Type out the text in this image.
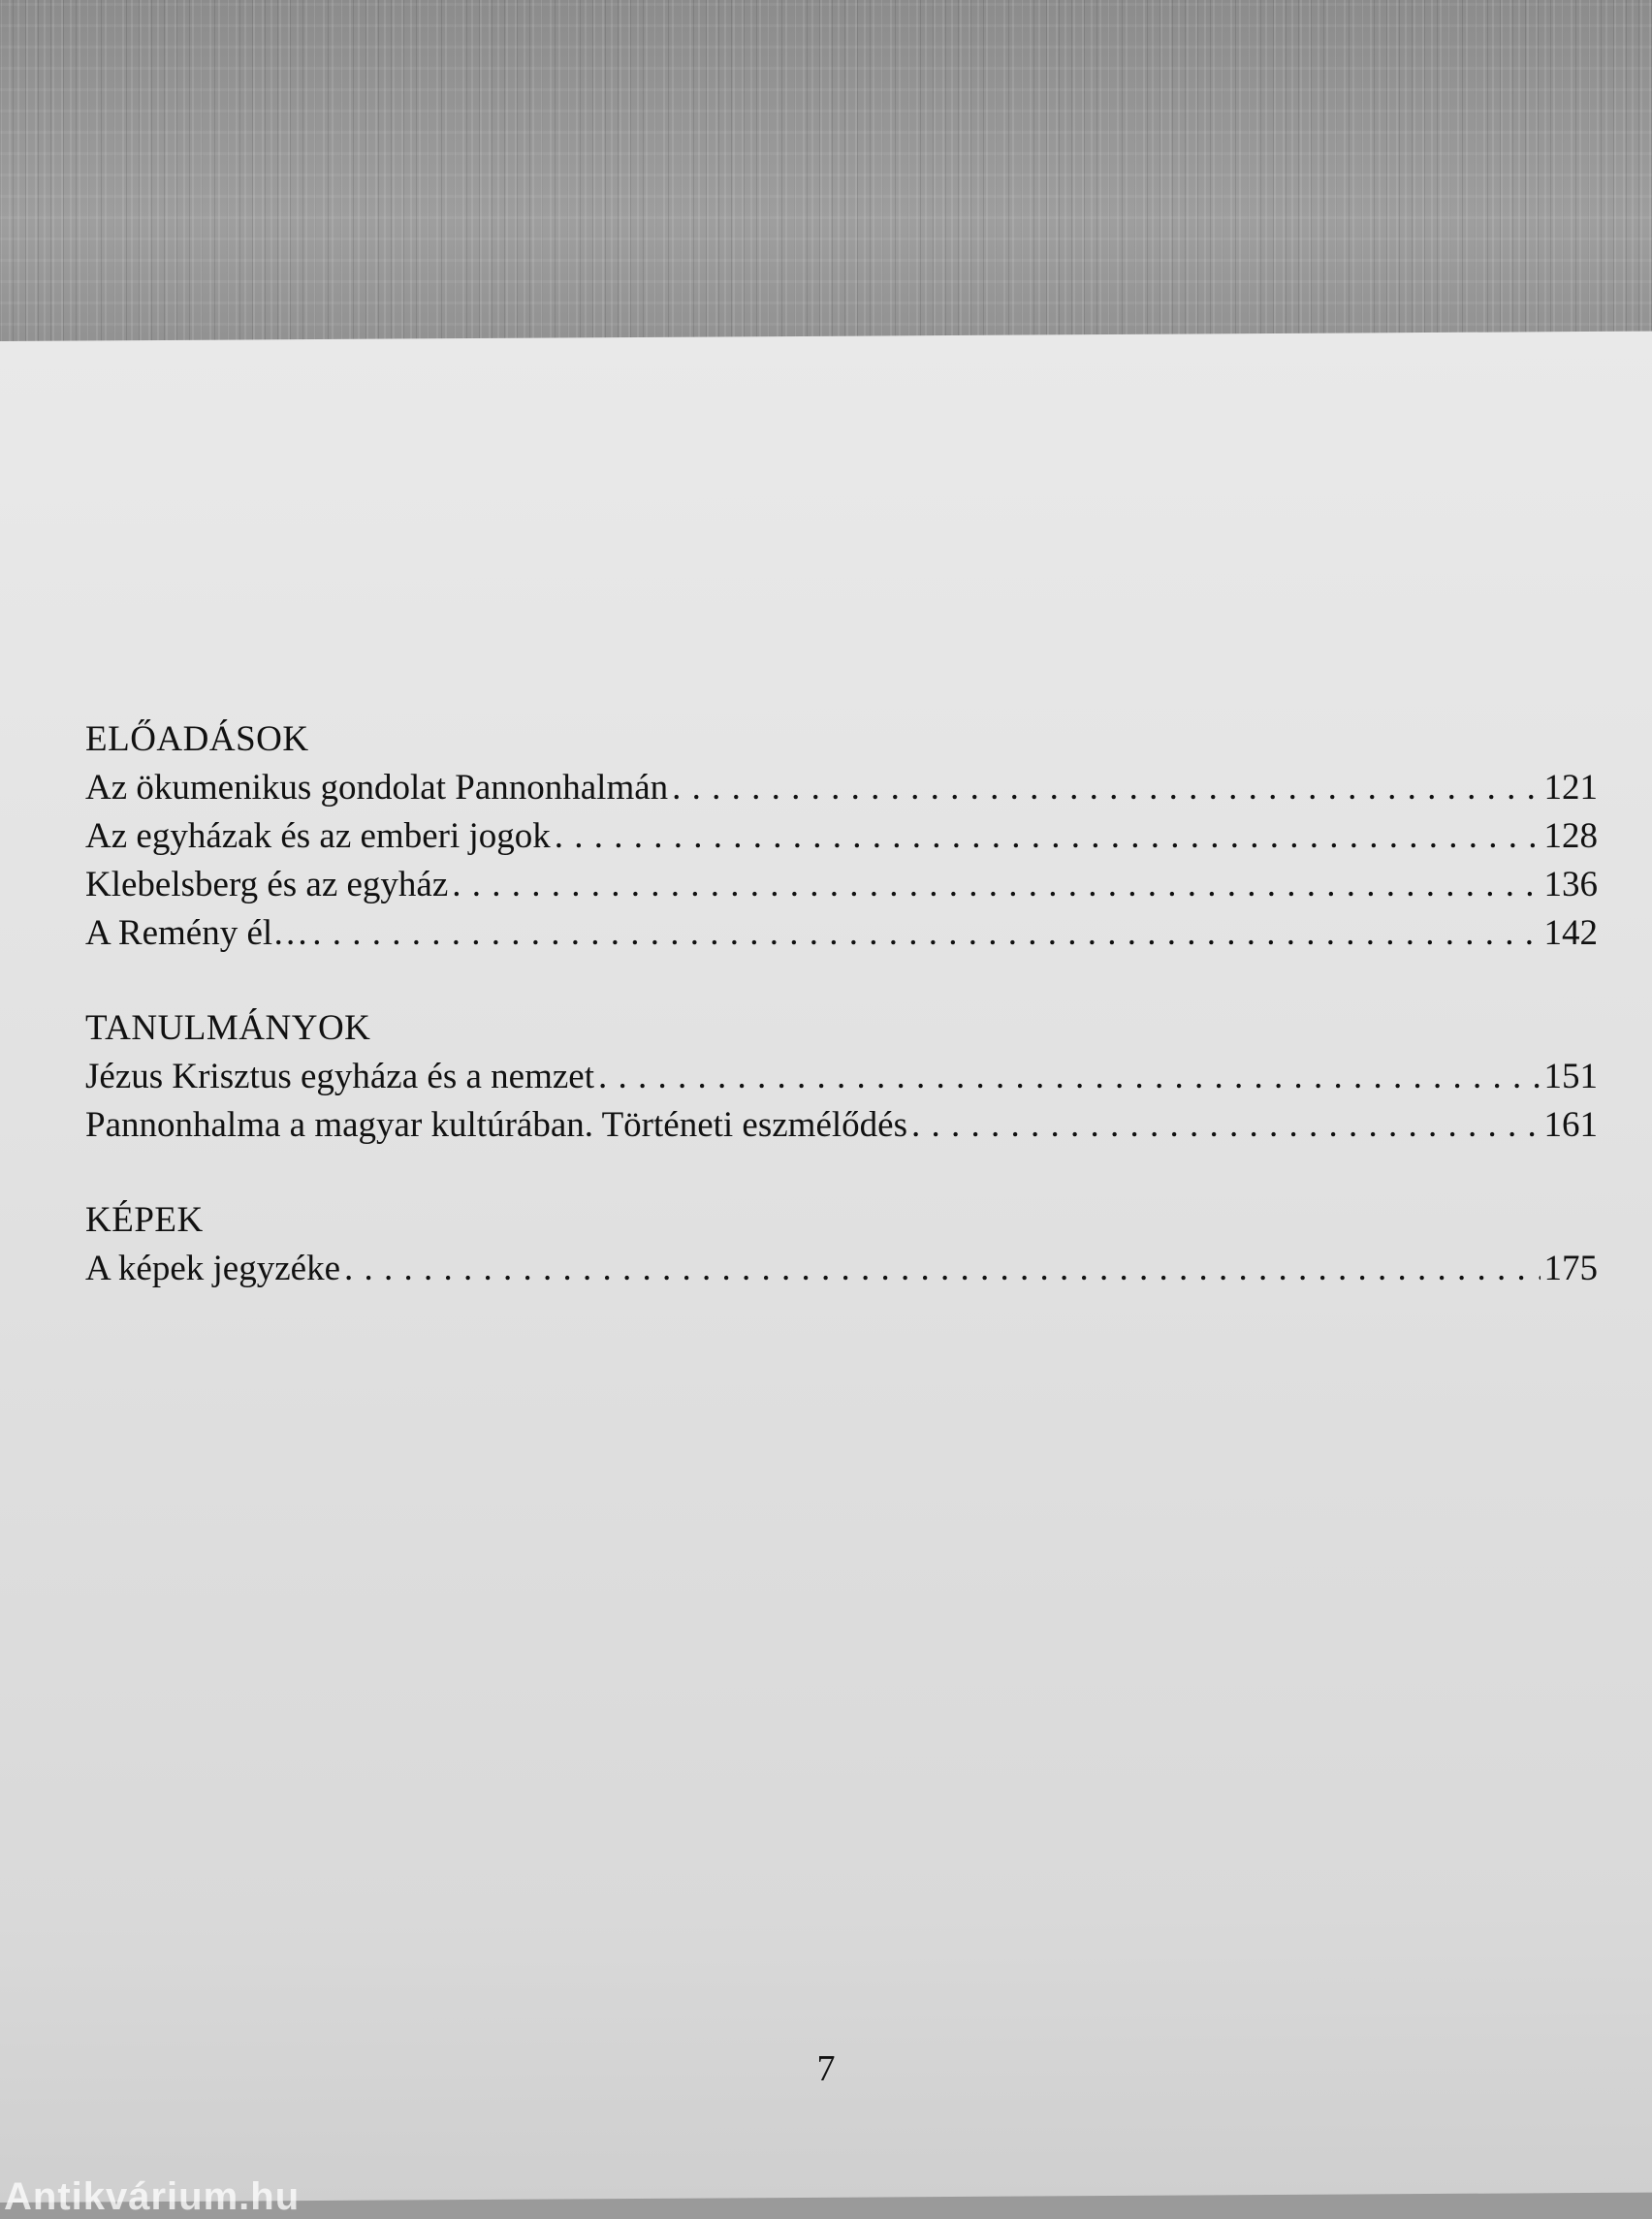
ELŐADÁSOK
Az ökumenikus gondolat Pannonhalmán . . .	121
Az egyházak és az emberi jogok . . .	128
Klebelsberg és az egyház . . .	136
A Remény él… . . .	142
TANULMÁNYOK
Jézus Krisztus egyháza és a nemzet . . .	151
Pannonhalma a magyar kultúrában. Történeti eszmélődés . . .	161
KÉPEK
A képek jegyzéke . . .	175
7
Antikvárium.hu
